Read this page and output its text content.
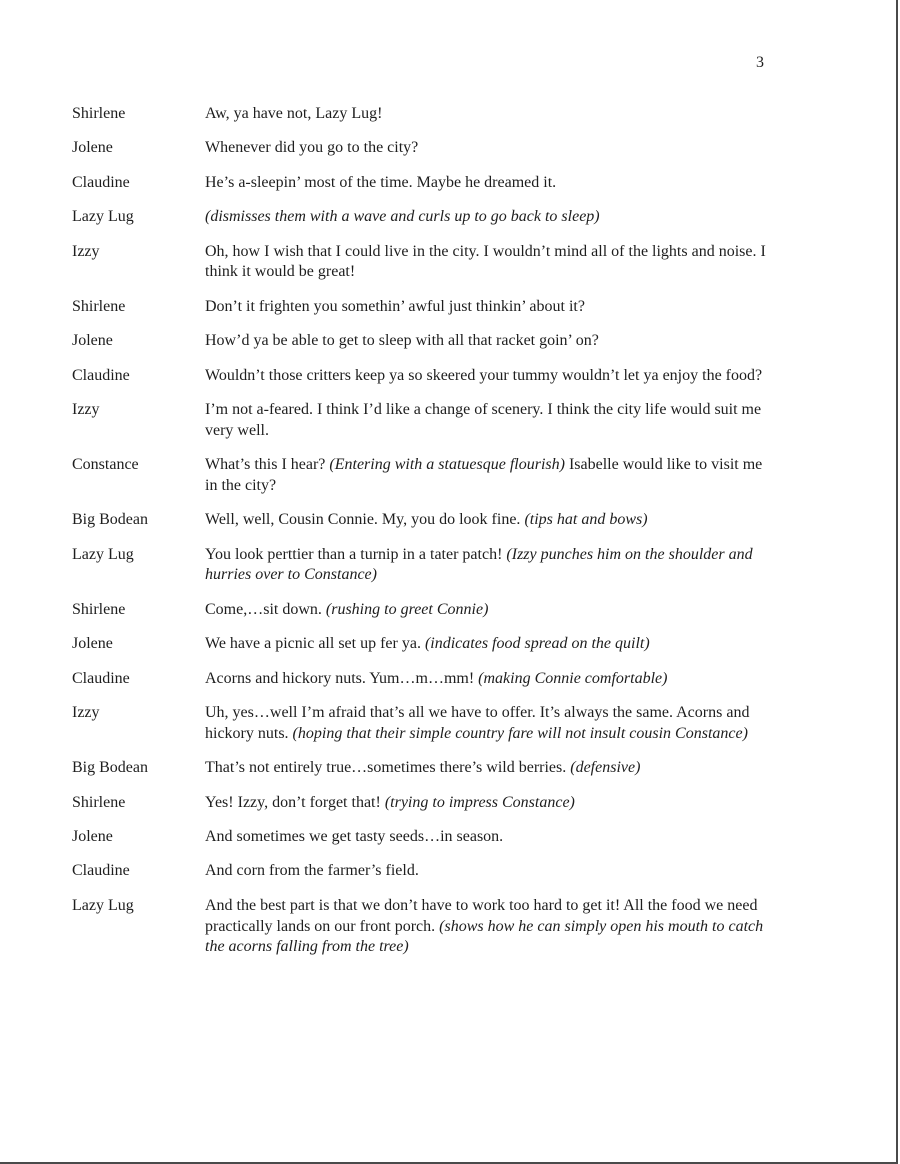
3
Shirlene	Aw, ya have not, Lazy Lug!
Jolene	Whenever did you go to the city?
Claudine	He’s a-sleepin’ most of the time. Maybe he dreamed it.
Lazy Lug	(dismisses them with a wave and curls up to go back to sleep)
Izzy	Oh, how I wish that I could live in the city. I wouldn’t mind all of the lights and noise. I think it would be great!
Shirlene	Don’t it frighten you somethin’ awful just thinkin’ about it?
Jolene	How’d ya be able to get to sleep with all that racket goin’ on?
Claudine	Wouldn’t those critters keep ya so skeered your tummy wouldn’t let ya enjoy the food?
Izzy	I’m not a-feared. I think I’d like a change of scenery. I think the city life would suit me very well.
Constance	What’s this I hear? (Entering with a statuesque flourish) Isabelle would like to visit me in the city?
Big Bodean	Well, well, Cousin Connie. My, you do look fine. (tips hat and bows)
Lazy Lug	You look perttier than a turnip in a tater patch! (Izzy punches him on the shoulder and hurries over to Constance)
Shirlene	Come,…sit down. (rushing to greet Connie)
Jolene	We have a picnic all set up fer ya. (indicates food spread on the quilt)
Claudine	Acorns and hickory nuts. Yum…m…mm! (making Connie comfortable)
Izzy	Uh, yes…well I’m afraid that’s all we have to offer. It’s always the same. Acorns and hickory nuts. (hoping that their simple country fare will not insult cousin Constance)
Big Bodean	That’s not entirely true…sometimes there’s wild berries. (defensive)
Shirlene	Yes! Izzy, don’t forget that! (trying to impress Constance)
Jolene	And sometimes we get tasty seeds…in season.
Claudine	And corn from the farmer’s field.
Lazy Lug	And the best part is that we don’t have to work too hard to get it! All the food we need practically lands on our front porch. (shows how he can simply open his mouth to catch the acorns falling from the tree)
